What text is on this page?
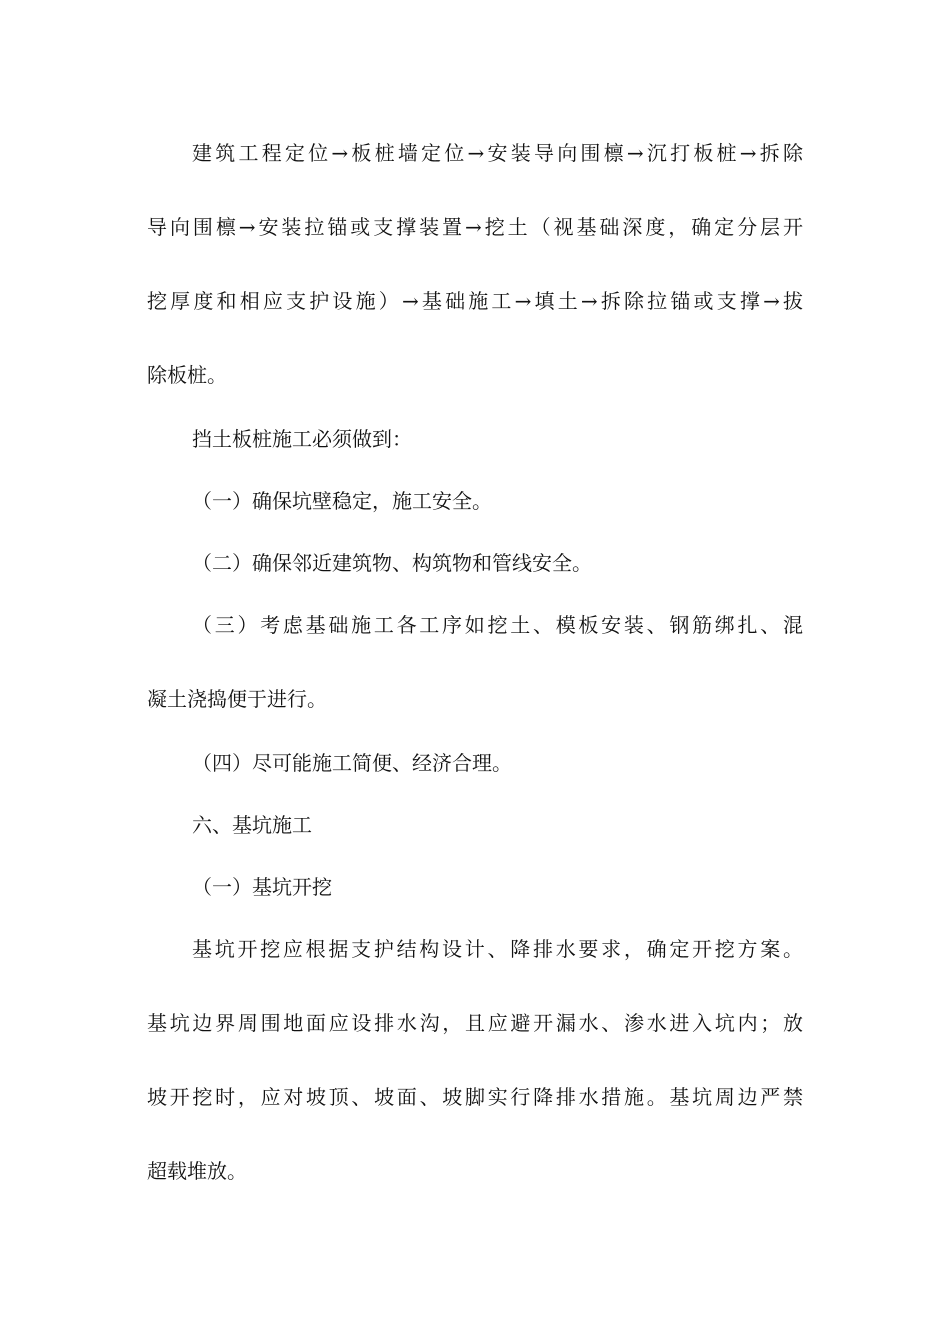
建筑工程定位→板桩墙定位→安装导向围檩→沉打板桩→拆除

导向围檩→安装拉锚或支撑装置→挖土（视基础深度，确定分层开

挖厚度和相应支护设施）→基础施工→填土→拆除拉锚或支撑→拔

除板桩。

挡土板桩施工必须做到：

（一）确保坑壁稳定，施工安全。

（二）确保邻近建筑物、构筑物和管线安全。

（三）考虑基础施工各工序如挖土、模板安装、钢筋绑扎、混

凝土浇捣便于进行。

（四）尽可能施工简便、经济合理。

六、基坑施工

（一）基坑开挖

基坑开挖应根据支护结构设计、降排水要求，确定开挖方案。

基坑边界周围地面应设排水沟，且应避开漏水、渗水进入坑内；放

坡开挖时，应对坡顶、坡面、坡脚实行降排水措施。基坑周边严禁

超载堆放。
